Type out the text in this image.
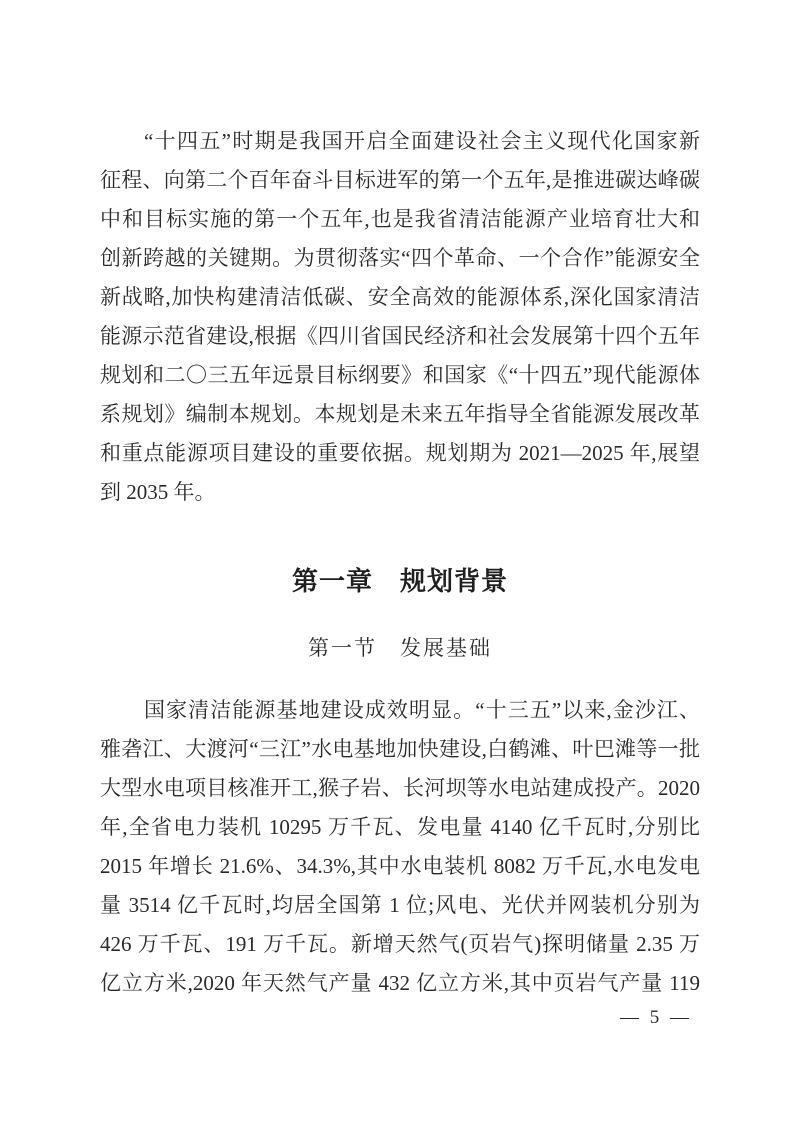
“十四五”时期是我国开启全面建设社会主义现代化国家新
征程、向第二个百年奋斗目标进军的第一个五年,是推进碳达峰碳
中和目标实施的第一个五年,也是我省清洁能源产业培育壮大和
创新跨越的关键期。为贯彻落实“四个革命、一个合作”能源安全
新战略,加快构建清洁低碳、安全高效的能源体系,深化国家清洁
能源示范省建设,根据《四川省国民经济和社会发展第十四个五年
规划和二〇三五年远景目标纲要》和国家《“十四五”现代能源体
系规划》编制本规划。本规划是未来五年指导全省能源发展改革
和重点能源项目建设的重要依据。规划期为 2021—2025 年,展望
到 2035 年。
第一章　规划背景
第一节　发展基础
国家清洁能源基地建设成效明显。“十三五”以来,金沙江、
雅砻江、大渡河“三江”水电基地加快建设,白鹤滩、叶巴滩等一批
大型水电项目核准开工,猴子岩、长河坝等水电站建成投产。2020
年,全省电力装机 10295 万千瓦、发电量 4140 亿千瓦时,分别比
2015 年增长 21.6%、34.3%,其中水电装机 8082 万千瓦,水电发电
量 3514 亿千瓦时,均居全国第 1 位;风电、光伏并网装机分别为
426 万千瓦、191 万千瓦。新增天然气(页岩气)探明储量 2.35 万
亿立方米,2020 年天然气产量 432 亿立方米,其中页岩气产量 119
— 5 —
